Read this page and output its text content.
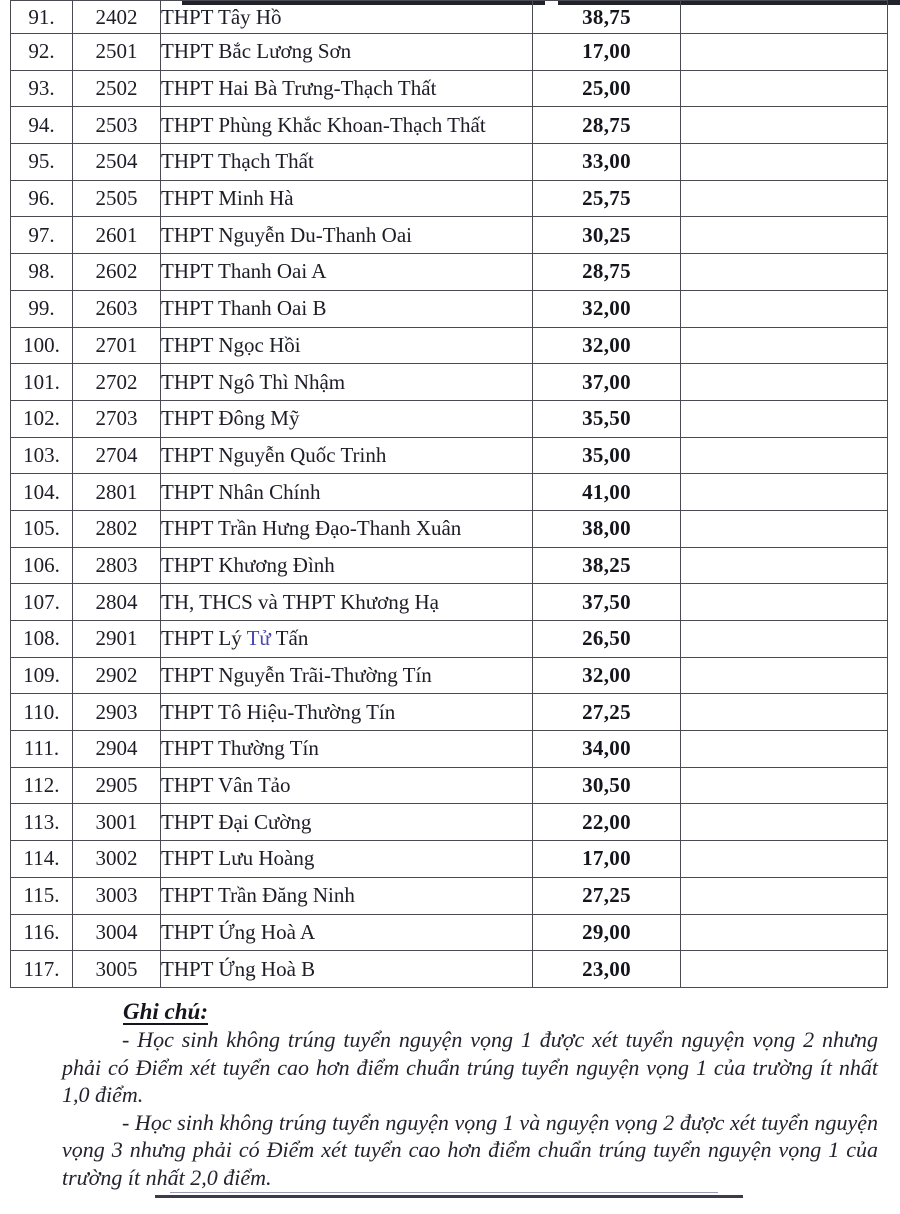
91.	2402	THPT Tây Hồ	38,75	
92.	2501	THPT Bắc Lương Sơn	17,00	
93.	2502	THPT Hai Bà Trưng-Thạch Thất	25,00	
94.	2503	THPT Phùng Khắc Khoan-Thạch Thất	28,75	
95.	2504	THPT Thạch Thất	33,00	
96.	2505	THPT Minh Hà	25,75	
97.	2601	THPT Nguyễn Du-Thanh Oai	30,25	
98.	2602	THPT Thanh Oai A	28,75	
99.	2603	THPT Thanh Oai B	32,00	
100.	2701	THPT Ngọc Hồi	32,00	
101.	2702	THPT Ngô Thì Nhậm	37,00	
102.	2703	THPT Đông Mỹ	35,50	
103.	2704	THPT Nguyễn Quốc Trinh	35,00	
104.	2801	THPT Nhân Chính	41,00	
105.	2802	THPT Trần Hưng Đạo-Thanh Xuân	38,00	
106.	2803	THPT Khương Đình	38,25	
107.	2804	TH, THCS và THPT Khương Hạ	37,50	
108.	2901	THPT Lý Tử Tấn	26,50	
109.	2902	THPT Nguyễn Trãi-Thường Tín	32,00	
110.	2903	THPT Tô Hiệu-Thường Tín	27,25	
111.	2904	THPT Thường Tín	34,00	
112.	2905	THPT Vân Tảo	30,50	
113.	3001	THPT Đại Cường	22,00	
114.	3002	THPT Lưu Hoàng	17,00	
115.	3003	THPT Trần Đăng Ninh	27,25	
116.	3004	THPT Ứng Hoà A	29,00	
117.	3005	THPT Ứng Hoà B	23,00	
Ghi chú:

- Học sinh không trúng tuyển nguyện vọng 1 được xét tuyển nguyện vọng 2 nhưng phải có Điểm xét tuyển cao hơn điểm chuẩn trúng tuyển nguyện vọng 1 của trường ít nhất 1,0 điểm.

- Học sinh không trúng tuyển nguyện vọng 1 và nguyện vọng 2 được xét tuyển nguyện vọng 3 nhưng phải có Điểm xét tuyển cao hơn điểm chuẩn trúng tuyển nguyện vọng 1 của trường ít nhất 2,0 điểm.
